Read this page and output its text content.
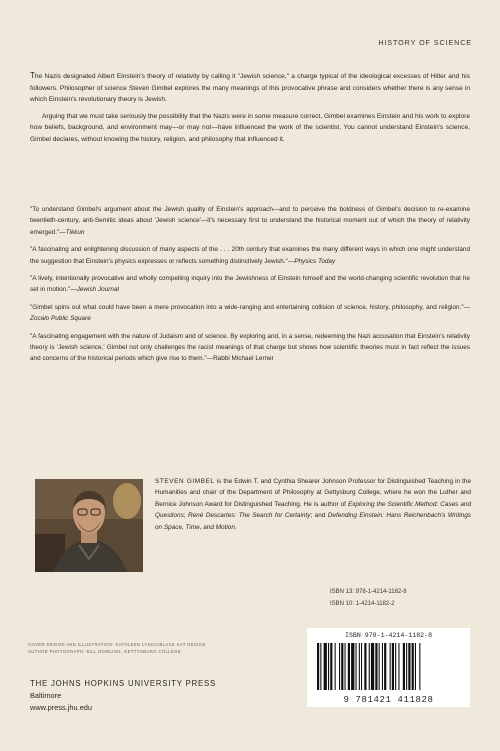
HISTORY OF SCIENCE

The Nazis designated Albert Einstein's theory of relativity by calling it "Jewish science," a charge typical of the ideological excesses of Hitler and his followers. Philosopher of science Steven Gimbel explores the many meanings of this provocative phrase and considers whether there is any sense in which Einstein's revolutionary theory is Jewish.

Arguing that we must take seriously the possibility that the Nazis were in some measure correct, Gimbel examines Einstein and his work to explore how beliefs, background, and environment may—or may not—have influenced the work of the scientist. You cannot understand Einstein's science, Gimbel declares, without knowing the history, religion, and philosophy that influenced it.

"To understand Gimbel's argument about the Jewish quality of Einstein's approach—and to perceive the boldness of Gimbel's decision to re-examine twentieth-century, anti-Semitic ideas about 'Jewish science'—it's necessary first to understand the historical moment out of which the theory of relativity emerged."—Tikkun

"A fascinating and enlightening discussion of many aspects of the . . . 20th century that examines the many different ways in which one might understand the suggestion that Einstein's physics expresses or reflects something distinctively Jewish."—Physics Today

"A lively, intentionally provocative and wholly compelling inquiry into the Jewishness of Einstein himself and the world-changing scientific revolution that he set in motion."—Jewish Journal

"Gimbel spins out what could have been a mere provocation into a wide-ranging and entertaining collision of science, history, philosophy, and religion."—Zocalo Public Square

"A fascinating engagement with the nature of Judaism and of science. By exploring and, in a sense, redeeming the Nazi accusation that Einstein's relativity theory is 'Jewish science,' Gimbel not only challenges the racist meanings of that charge but shows how scientific theories must in fact reflect the issues and concerns of the historical periods which give rise to them."—Rabbi Michael Lerner

STEVEN GIMBEL is the Edwin T. and Cynthia Shearer Johnson Professor for Distinguished Teaching in the Humanities and chair of the Department of Philosophy at Gettysburg College, where he won the Luther and Bernice Johnson Award for Distinguished Teaching. He is author of Exploring the Scientific Method: Cases and Questions; René Descartes: The Search for Certainty; and Defending Einstein: Hans Reichenbach's Writings on Space, Time, and Motion.
ISBN 13: 978-1-4214-1182-8
ISBN 10: 1-4214-1182-2
COVER DESIGN AND ILLUSTRATION: KATHLEEN LYNCH/BLACK KAT DESIGN
AUTHOR PHOTOGRAPH: BILL DOWLING, GETTYSBURG COLLEGE
THE JOHNS HOPKINS UNIVERSITY PRESS
Baltimore
www.press.jhu.edu
ISBN 978-1-4214-1182-8
9 781421 411828
